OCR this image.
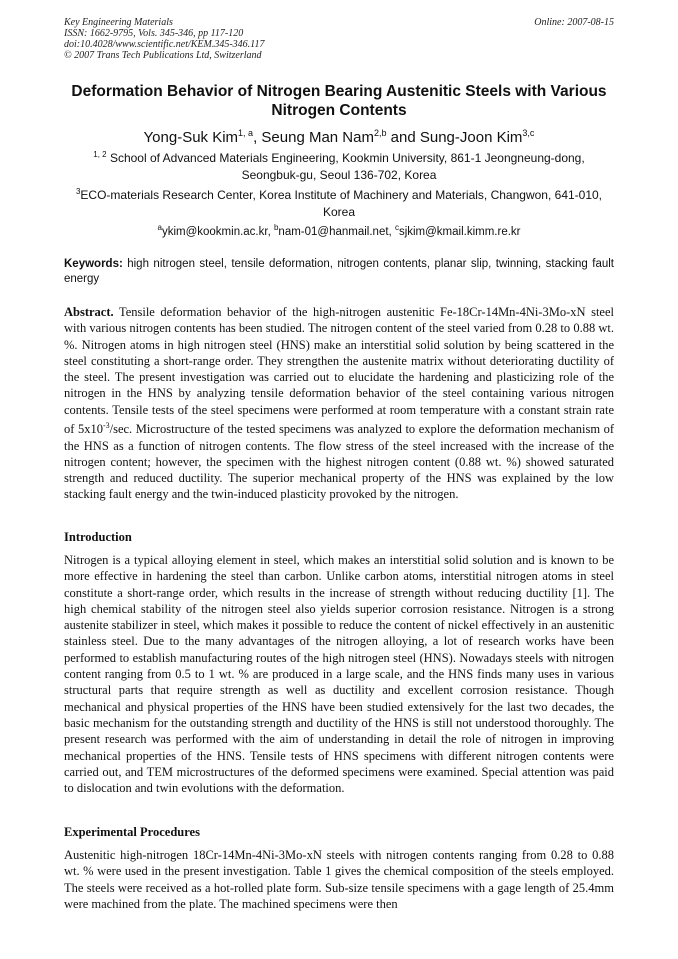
Key Engineering Materials
ISSN: 1662-9795, Vols. 345-346, pp 117-120
doi:10.4028/www.scientific.net/KEM.345-346.117
© 2007 Trans Tech Publications Ltd, Switzerland
Online: 2007-08-15
Deformation Behavior of Nitrogen Bearing Austenitic Steels with Various Nitrogen Contents
Yong-Suk Kim$^{1, a}$, Seung Man Nam$^{2,b}$ and Sung-Joon Kim$^{3,c}$
$^{1, 2}$ School of Advanced Materials Engineering, Kookmin University, 861-1 Jeongneung-dong, Seongbuk-gu, Seoul 136-702, Korea
$^3$ECO-materials Research Center, Korea Institute of Machinery and Materials, Changwon, 641-010, Korea
$^a$ykim@kookmin.ac.kr, $^b$nam-01@hanmail.net, $^c$sjkim@kmail.kimm.re.kr
Keywords: high nitrogen steel, tensile deformation, nitrogen contents, planar slip, twinning, stacking fault energy
Abstract. Tensile deformation behavior of the high-nitrogen austenitic Fe-18Cr-14Mn-4Ni-3Mo-xN steel with various nitrogen contents has been studied. The nitrogen content of the steel varied from 0.28 to 0.88 wt. %. Nitrogen atoms in high nitrogen steel (HNS) make an interstitial solid solution by being scattered in the steel constituting a short-range order. They strengthen the austenite matrix without deteriorating ductility of the steel. The present investigation was carried out to elucidate the hardening and plasticizing role of the nitrogen in the HNS by analyzing tensile deformation behavior of the steel containing various nitrogen contents. Tensile tests of the steel specimens were performed at room temperature with a constant strain rate of $5x10^{-3}/\sec$. Microstructure of the tested specimens was analyzed to explore the deformation mechanism of the HNS as a function of nitrogen contents. The flow stress of the steel increased with the increase of the nitrogen content; however, the specimen with the highest nitrogen content (0.88 wt. %) showed saturated strength and reduced ductility. The superior mechanical property of the HNS was explained by the low stacking fault energy and the twin-induced plasticity provoked by the nitrogen.
Introduction
Nitrogen is a typical alloying element in steel, which makes an interstitial solid solution and is known to be more effective in hardening the steel than carbon. Unlike carbon atoms, interstitial nitrogen atoms in steel constitute a short-range order, which results in the increase of strength without reducing ductility [1]. The high chemical stability of the nitrogen steel also yields superior corrosion resistance. Nitrogen is a strong austenite stabilizer in steel, which makes it possible to reduce the content of nickel effectively in an austenitic stainless steel. Due to the many advantages of the nitrogen alloying, a lot of research works have been performed to establish manufacturing routes of the high nitrogen steel (HNS). Nowadays steels with nitrogen content ranging from 0.5 to 1 wt. % are produced in a large scale, and the HNS finds many uses in various structural parts that require strength as well as ductility and excellent corrosion resistance. Though mechanical and physical properties of the HNS have been studied extensively for the last two decades, the basic mechanism for the outstanding strength and ductility of the HNS is still not understood thoroughly. The present research was performed with the aim of understanding in detail the role of nitrogen in improving mechanical properties of the HNS. Tensile tests of HNS specimens with different nitrogen contents were carried out, and TEM microstructures of the deformed specimens were examined. Special attention was paid to dislocation and twin evolutions with the deformation.
Experimental Procedures
Austenitic high-nitrogen 18Cr-14Mn-4Ni-3Mo-xN steels with nitrogen contents ranging from 0.28 to 0.88 wt. % were used in the present investigation. Table 1 gives the chemical composition of the steels employed. The steels were received as a hot-rolled plate form. Sub-size tensile specimens with a gage length of 25.4mm were machined from the plate. The machined specimens were then
